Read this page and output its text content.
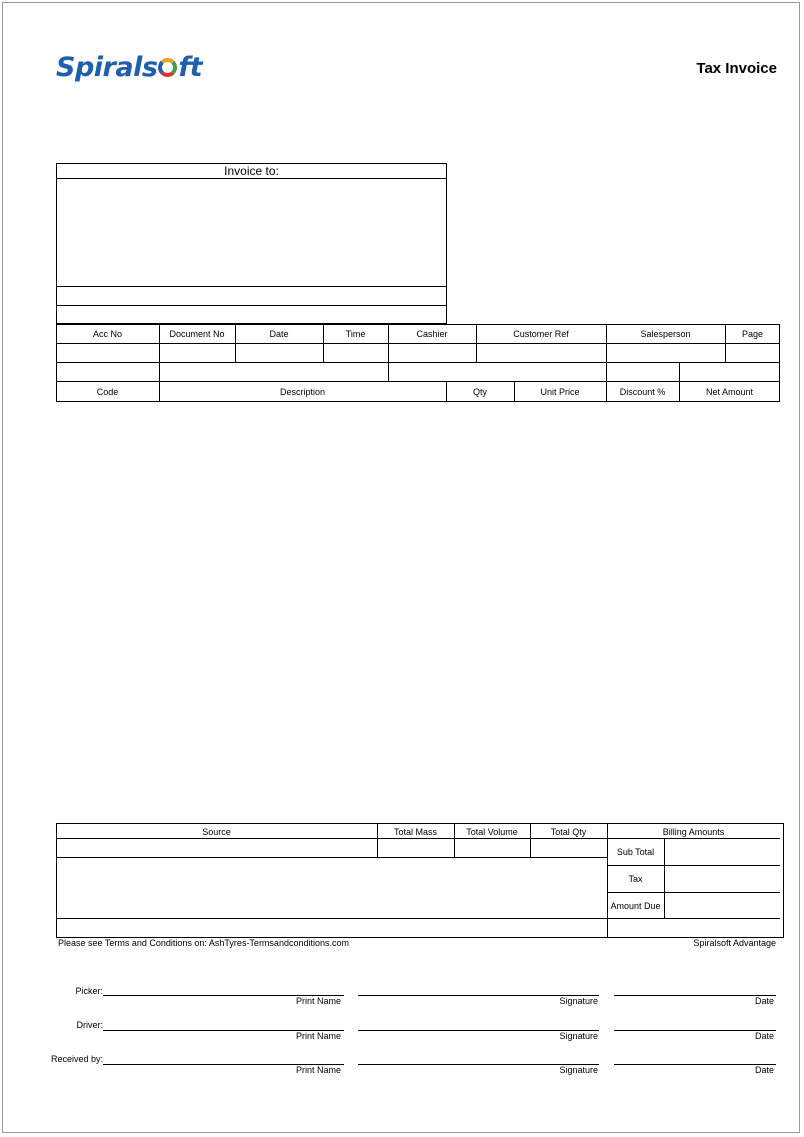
Spirals ft	Tax Invoice
Invoice to:
Acc No	Document No	Date	Time	Cashier	Customer Ref	Salesperson	Page
Code	Description	Qty	Unit Price	Discount %	Net Amount
Source	Total Mass	Total Volume	Total Qty	Billing Amounts
Sub Total
Tax
Amount Due
Please see Terms and Conditions on: AshTyres-Termsandconditions.com	Spiralsoft Advantage
Picker:
Print Name	Signature	Date
Driver:
Print Name	Signature	Date
Received by:
Print Name	Signature	Date
